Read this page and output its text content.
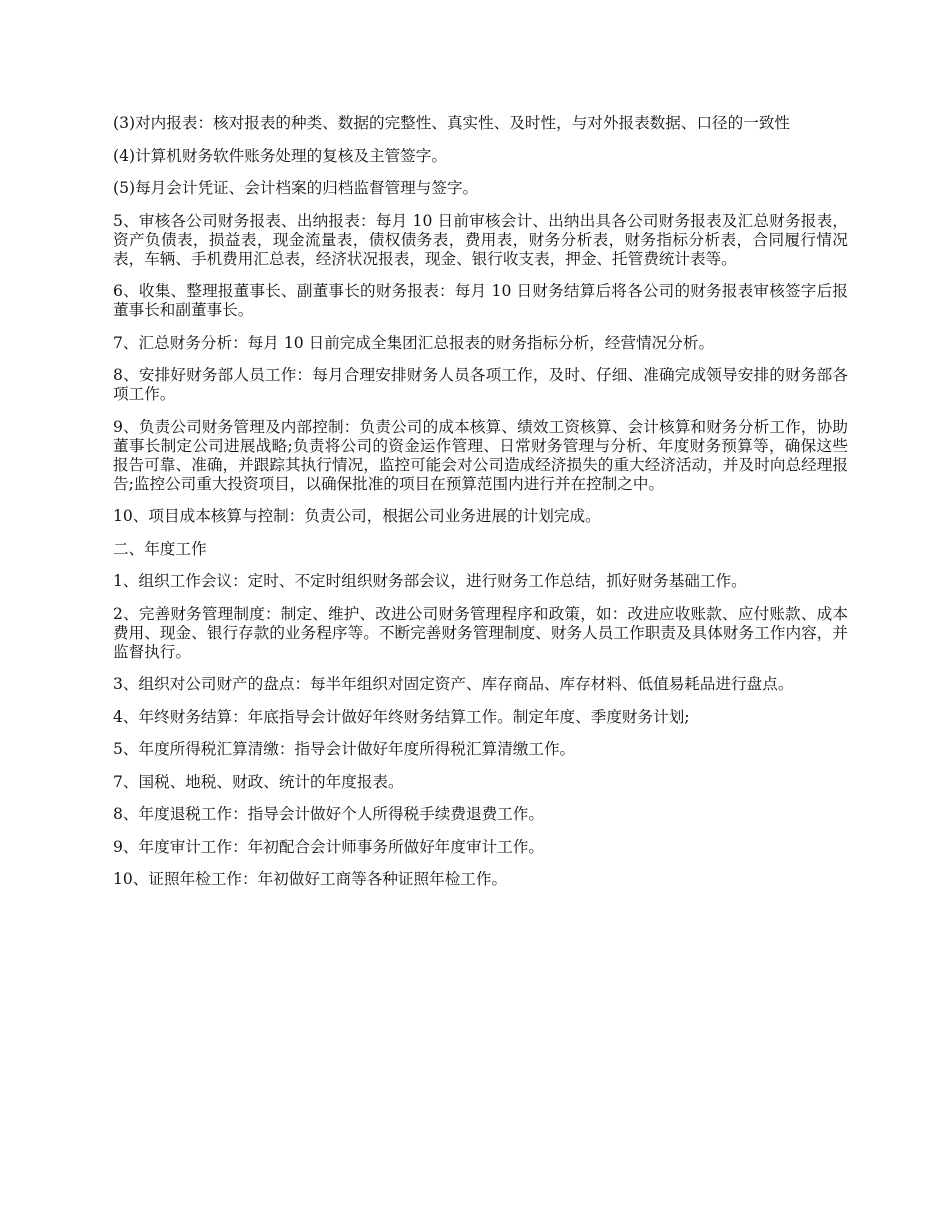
(3)对内报表：核对报表的种类、数据的完整性、真实性、及时性，与对外报表数据、口径的一致性

(4)计算机财务软件账务处理的复核及主管签字。

(5)每月会计凭证、会计档案的归档监督管理与签字。

5、审核各公司财务报表、出纳报表：每月 10 日前审核会计、出纳出具各公司财务报表及汇总财务报表，资产负债表，损益表，现金流量表，债权债务表，费用表，财务分析表，财务指标分析表，合同履行情况表，车辆、手机费用汇总表，经济状况报表，现金、银行收支表，押金、托管费统计表等。

6、收集、整理报董事长、副董事长的财务报表：每月 10 日财务结算后将各公司的财务报表审核签字后报董事长和副董事长。

7、汇总财务分析：每月 10 日前完成全集团汇总报表的财务指标分析，经营情况分析。

8、安排好财务部人员工作：每月合理安排财务人员各项工作，及时、仔细、准确完成领导安排的财务部各项工作。

9、负责公司财务管理及内部控制：负责公司的成本核算、绩效工资核算、会计核算和财务分析工作，协助董事长制定公司进展战略;负责将公司的资金运作管理、日常财务管理与分析、年度财务预算等，确保这些报告可靠、准确，并跟踪其执行情况，监控可能会对公司造成经济损失的重大经济活动，并及时向总经理报告;监控公司重大投资项目，以确保批准的项目在预算范围内进行并在控制之中。

10、项目成本核算与控制：负责公司，根据公司业务进展的计划完成。

二、年度工作

1、组织工作会议：定时、不定时组织财务部会议，进行财务工作总结，抓好财务基础工作。

2、完善财务管理制度：制定、维护、改进公司财务管理程序和政策，如：改进应收账款、应付账款、成本费用、现金、银行存款的业务程序等。不断完善财务管理制度、财务人员工作职责及具体财务工作内容，并监督执行。

3、组织对公司财产的盘点：每半年组织对固定资产、库存商品、库存材料、低值易耗品进行盘点。

4、年终财务结算：年底指导会计做好年终财务结算工作。制定年度、季度财务计划;

5、年度所得税汇算清缴：指导会计做好年度所得税汇算清缴工作。

7、国税、地税、财政、统计的年度报表。

8、年度退税工作：指导会计做好个人所得税手续费退费工作。

9、年度审计工作：年初配合会计师事务所做好年度审计工作。

10、证照年检工作：年初做好工商等各种证照年检工作。
